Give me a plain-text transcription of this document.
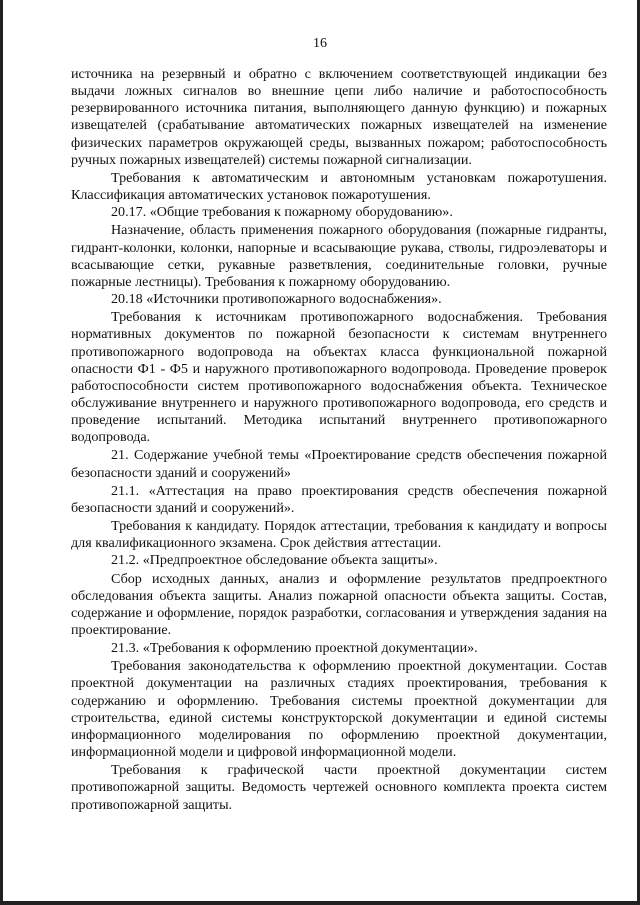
16

источника на резервный и обратно с включением соответствующей индикации без выдачи ложных сигналов во внешние цепи либо наличие и работоспособность резервированного источника питания, выполняющего данную функцию) и пожарных извещателей (срабатывание автоматических пожарных извещателей на изменение физических параметров окружающей среды, вызванных пожаром; работоспособность ручных пожарных извещателей) системы пожарной сигнализации.

Требования к автоматическим и автономным установкам пожаротушения. Классификация автоматических установок пожаротушения.

20.17. «Общие требования к пожарному оборудованию».

Назначение, область применения пожарного оборудования (пожарные гидранты, гидрант-колонки, колонки, напорные и всасывающие рукава, стволы, гидроэлеваторы и всасывающие сетки, рукавные разветвления, соединительные головки, ручные пожарные лестницы). Требования к пожарному оборудованию.

20.18 «Источники противопожарного водоснабжения».

Требования к источникам противопожарного водоснабжения. Требования нормативных документов по пожарной безопасности к системам внутреннего противопожарного водопровода на объектах класса функциональной пожарной опасности Ф1 - Ф5 и наружного противопожарного водопровода. Проведение проверок работоспособности систем противопожарного водоснабжения объекта. Техническое обслуживание внутреннего и наружного противопожарного водопровода, его средств и проведение испытаний. Методика испытаний внутреннего противопожарного водопровода.

21. Содержание учебной темы «Проектирование средств обеспечения пожарной безопасности зданий и сооружений»

21.1. «Аттестация на право проектирования средств обеспечения пожарной безопасности зданий и сооружений».

Требования к кандидату. Порядок аттестации, требования к кандидату и вопросы для квалификационного экзамена. Срок действия аттестации.

21.2. «Предпроектное обследование объекта защиты».

Сбор исходных данных, анализ и оформление результатов предпроектного обследования объекта защиты. Анализ пожарной опасности объекта защиты. Состав, содержание и оформление, порядок разработки, согласования и утверждения задания на проектирование.

21.3. «Требования к оформлению проектной документации».

Требования законодательства к оформлению проектной документации. Состав проектной документации на различных стадиях проектирования, требования к содержанию и оформлению. Требования системы проектной документации для строительства, единой системы конструкторской документации и единой системы информационного моделирования по оформлению проектной документации, информационной модели и цифровой информационной модели.

Требования к графической части проектной документации систем противопожарной защиты. Ведомость чертежей основного комплекта проекта систем противопожарной защиты.
